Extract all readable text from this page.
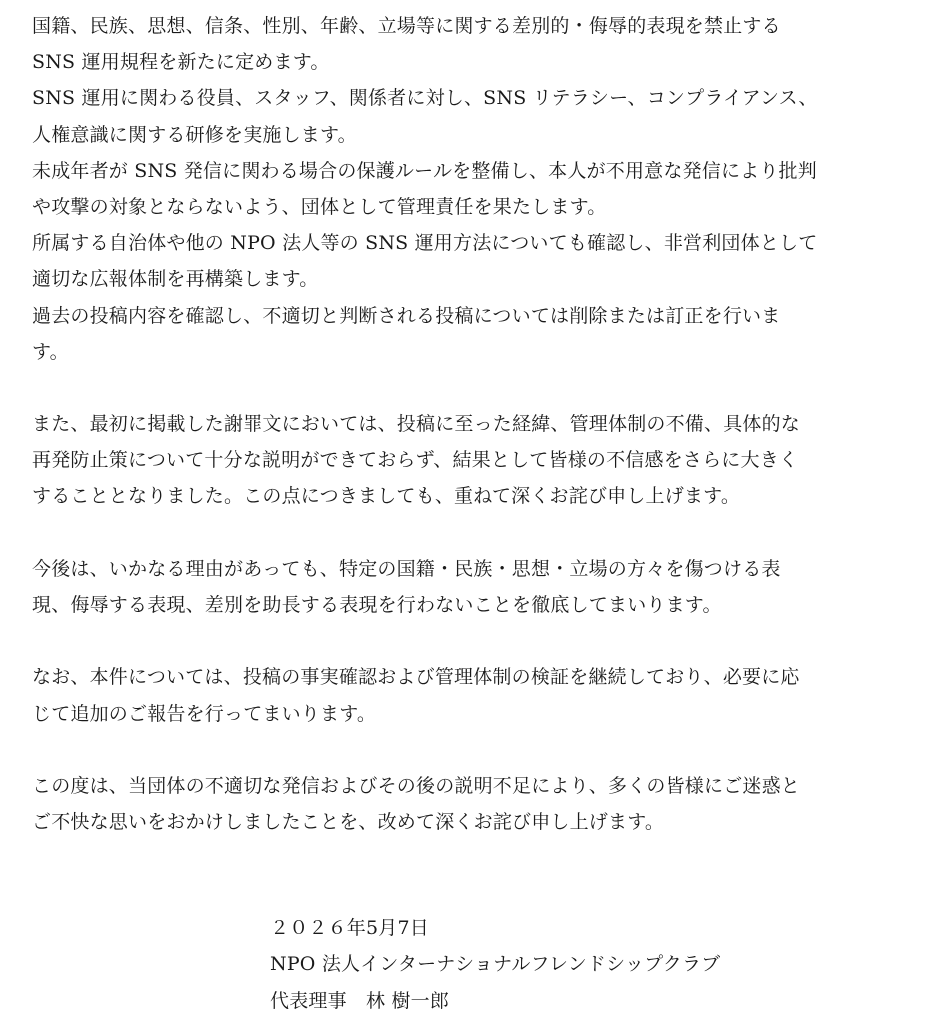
国籍、民族、思想、信条、性別、年齢、立場等に関する差別的・侮辱的表現を禁止する
SNS 運用規程を新たに定めます。
SNS 運用に関わる役員、スタッフ、関係者に対し、SNS リテラシー、コンプライアンス、
人権意識に関する研修を実施します。
未成年者が SNS 発信に関わる場合の保護ルールを整備し、本人が不用意な発信により批判
や攻撃の対象とならないよう、団体として管理責任を果たします。
所属する自治体や他の NPO 法人等の SNS 運用方法についても確認し、非営利団体として
適切な広報体制を再構築します。
過去の投稿内容を確認し、不適切と判断される投稿については削除または訂正を行いま
す。
また、最初に掲載した謝罪文においては、投稿に至った経緯、管理体制の不備、具体的な
再発防止策について十分な説明ができておらず、結果として皆様の不信感をさらに大きく
することとなりました。この点につきましても、重ねて深くお詫び申し上げます。
今後は、いかなる理由があっても、特定の国籍・民族・思想・立場の方々を傷つける表
現、侮辱する表現、差別を助長する表現を行わないことを徹底してまいります。
なお、本件については、投稿の事実確認および管理体制の検証を継続しており、必要に応
じて追加のご報告を行ってまいります。
この度は、当団体の不適切な発信およびその後の説明不足により、多くの皆様にご迷惑と
ご不快な思いをおかけしましたことを、改めて深くお詫び申し上げます。
２０２６年5月7日
NPO 法人インターナショナルフレンドシップクラブ
代表理事　林 樹一郎
